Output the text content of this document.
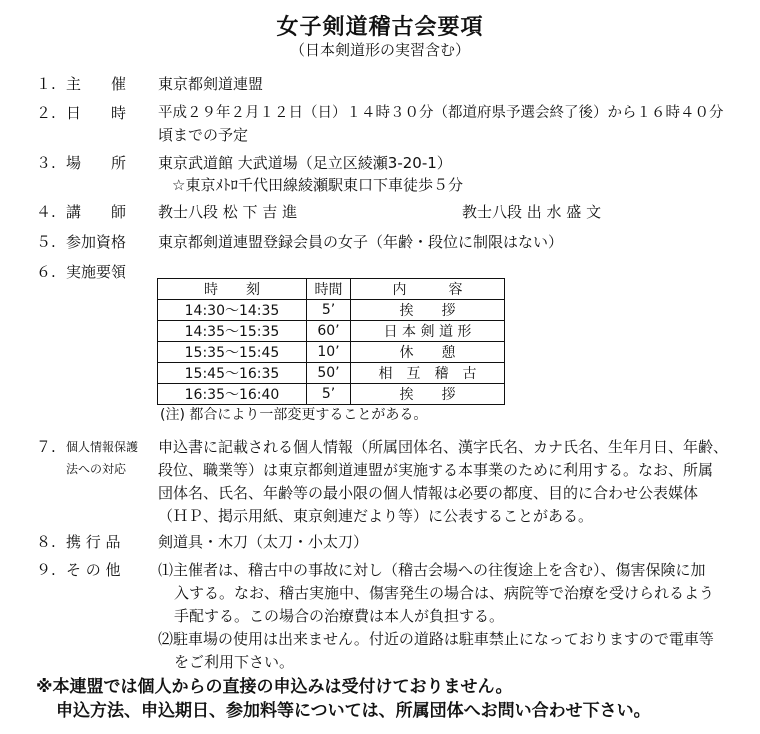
女子剣道稽古会要項
（日本剣道形の実習含む）
１. 主　　催	東京都剣道連盟
２. 日　　時	平成２９年２月１２日（日）１４時３０分（都道府県予選会終了後）から１６時４０分
頃までの予定
３. 場　　所	東京武道館 大武道場（足立区綾瀬3-20-1）
☆東京ﾒﾄﾛ千代田線綾瀬駅東口下車徒歩５分
４. 講　　師	教士八段 松 下 吉 進	教士八段 出 水 盛 文
５. 参加資格	東京都剣道連盟登録会員の女子（年齢・段位に制限はない）
６. 実施要領
時　　刻	時間	内　　　容
14:30～14:35	5’	挨　　拶
14:35～15:35	60’	日 本 剣 道 形
15:35～15:45	10’	休　　憩
15:45～16:35	50’	相　互　稽　古
16:35～16:40	5’	挨　　拶
(注) 都合により一部変更することがある。
７. 個人情報保護
法への対応
申込書に記載される個人情報（所属団体名、漢字氏名、カナ氏名、生年月日、年齢、
段位、職業等）は東京都剣道連盟が実施する本事業のために利用する。なお、所属
団体名、氏名、年齢等の最小限の個人情報は必要の都度、目的に合わせ公表媒体
（ＨＰ、掲示用紙、東京剣連だより等）に公表することがある。
８. 携 行 品	剣道具・木刀（太刀・小太刀）
９. そ の 他	⑴主催者は、稽古中の事故に対し（稽古会場への往復途上を含む）、傷害保険に加
入する。なお、稽古実施中、傷害発生の場合は、病院等で治療を受けられるよう
手配する。この場合の治療費は本人が負担する。
⑵駐車場の使用は出来ません。付近の道路は駐車禁止になっておりますので電車等
をご利用下さい。
※本連盟では個人からの直接の申込みは受付けておりません。
申込方法、申込期日、参加料等については、所属団体へお問い合わせ下さい。
